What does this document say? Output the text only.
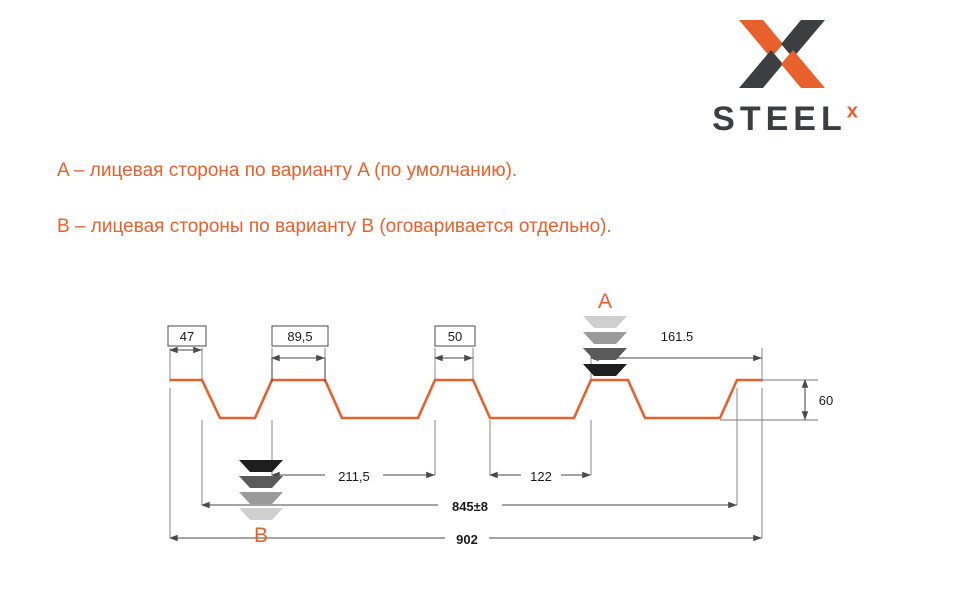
STEEL$^x$
A – лицевая сторона по варианту A (по умолчанию).
B – лицевая стороны по варианту B (оговаривается отдельно).
47	89,5	50	161.5
211,5	122
845±8
902
60
A
B
